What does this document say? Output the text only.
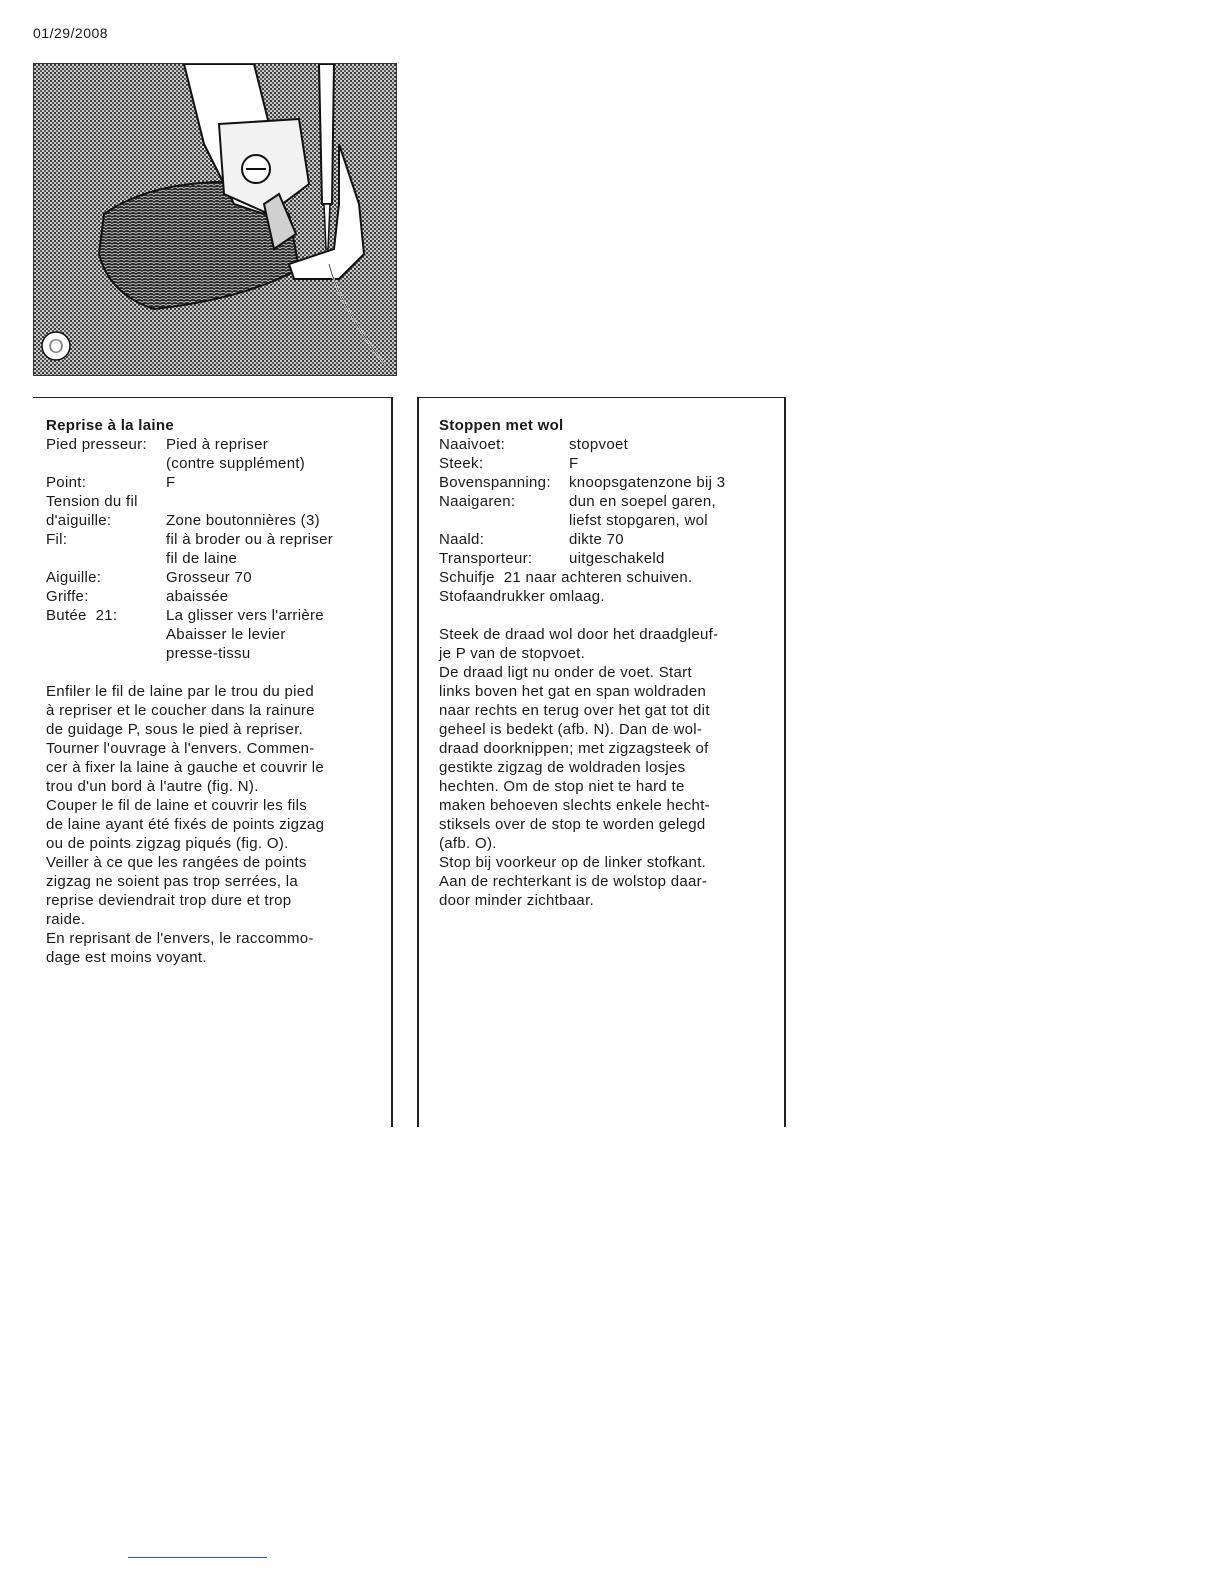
01/29/2008
O
Reprise à la laine
Pied presseur:	Pied à repriser
(contre supplément)
Point:	F
Tension du fil
d'aiguille:	Zone boutonnières (3)
Fil:	fil à broder ou à repriser
fil de laine
Aiguille:	Grosseur 70
Griffe:	abaissée
Butée  21:	La glisser vers l'arrière
Abaisser le levier
presse-tissu
Enfiler le fil de laine par le trou du pied
à repriser et le coucher dans la rainure
de guidage P, sous le pied à repriser.
Tourner l'ouvrage à l'envers. Commen-
cer à fixer la laine à gauche et couvrir le
trou d'un bord à l'autre (fig. N).
Couper le fil de laine et couvrir les fils
de laine ayant été fixés de points zigzag
ou de points zigzag piqués (fig. O).
Veiller à ce que les rangées de points
zigzag ne soient pas trop serrées, la
reprise deviendrait trop dure et trop
raide.
En reprisant de l'envers, le raccommo-
dage est moins voyant.
Stoppen met wol
Naaivoet:	stopvoet
Steek:	F
Bovenspanning:	knoopsgatenzone bij 3
Naaigaren:	dun en soepel garen,
liefst stopgaren, wol
Naald:	dikte 70
Transporteur:	uitgeschakeld
Schuifje  21 naar achteren schuiven.
Stofaandrukker omlaag.
Steek de draad wol door het draadgleuf-
je P van de stopvoet.
De draad ligt nu onder de voet. Start
links boven het gat en span woldraden
naar rechts en terug over het gat tot dit
geheel is bedekt (afb. N). Dan de wol-
draad doorknippen; met zigzagsteek of
gestikte zigzag de woldraden losjes
hechten. Om de stop niet te hard te
maken behoeven slechts enkele hecht-
stiksels over de stop te worden gelegd
(afb. O).
Stop bij voorkeur op de linker stofkant.
Aan de rechterkant is de wolstop daar-
door minder zichtbaar.
